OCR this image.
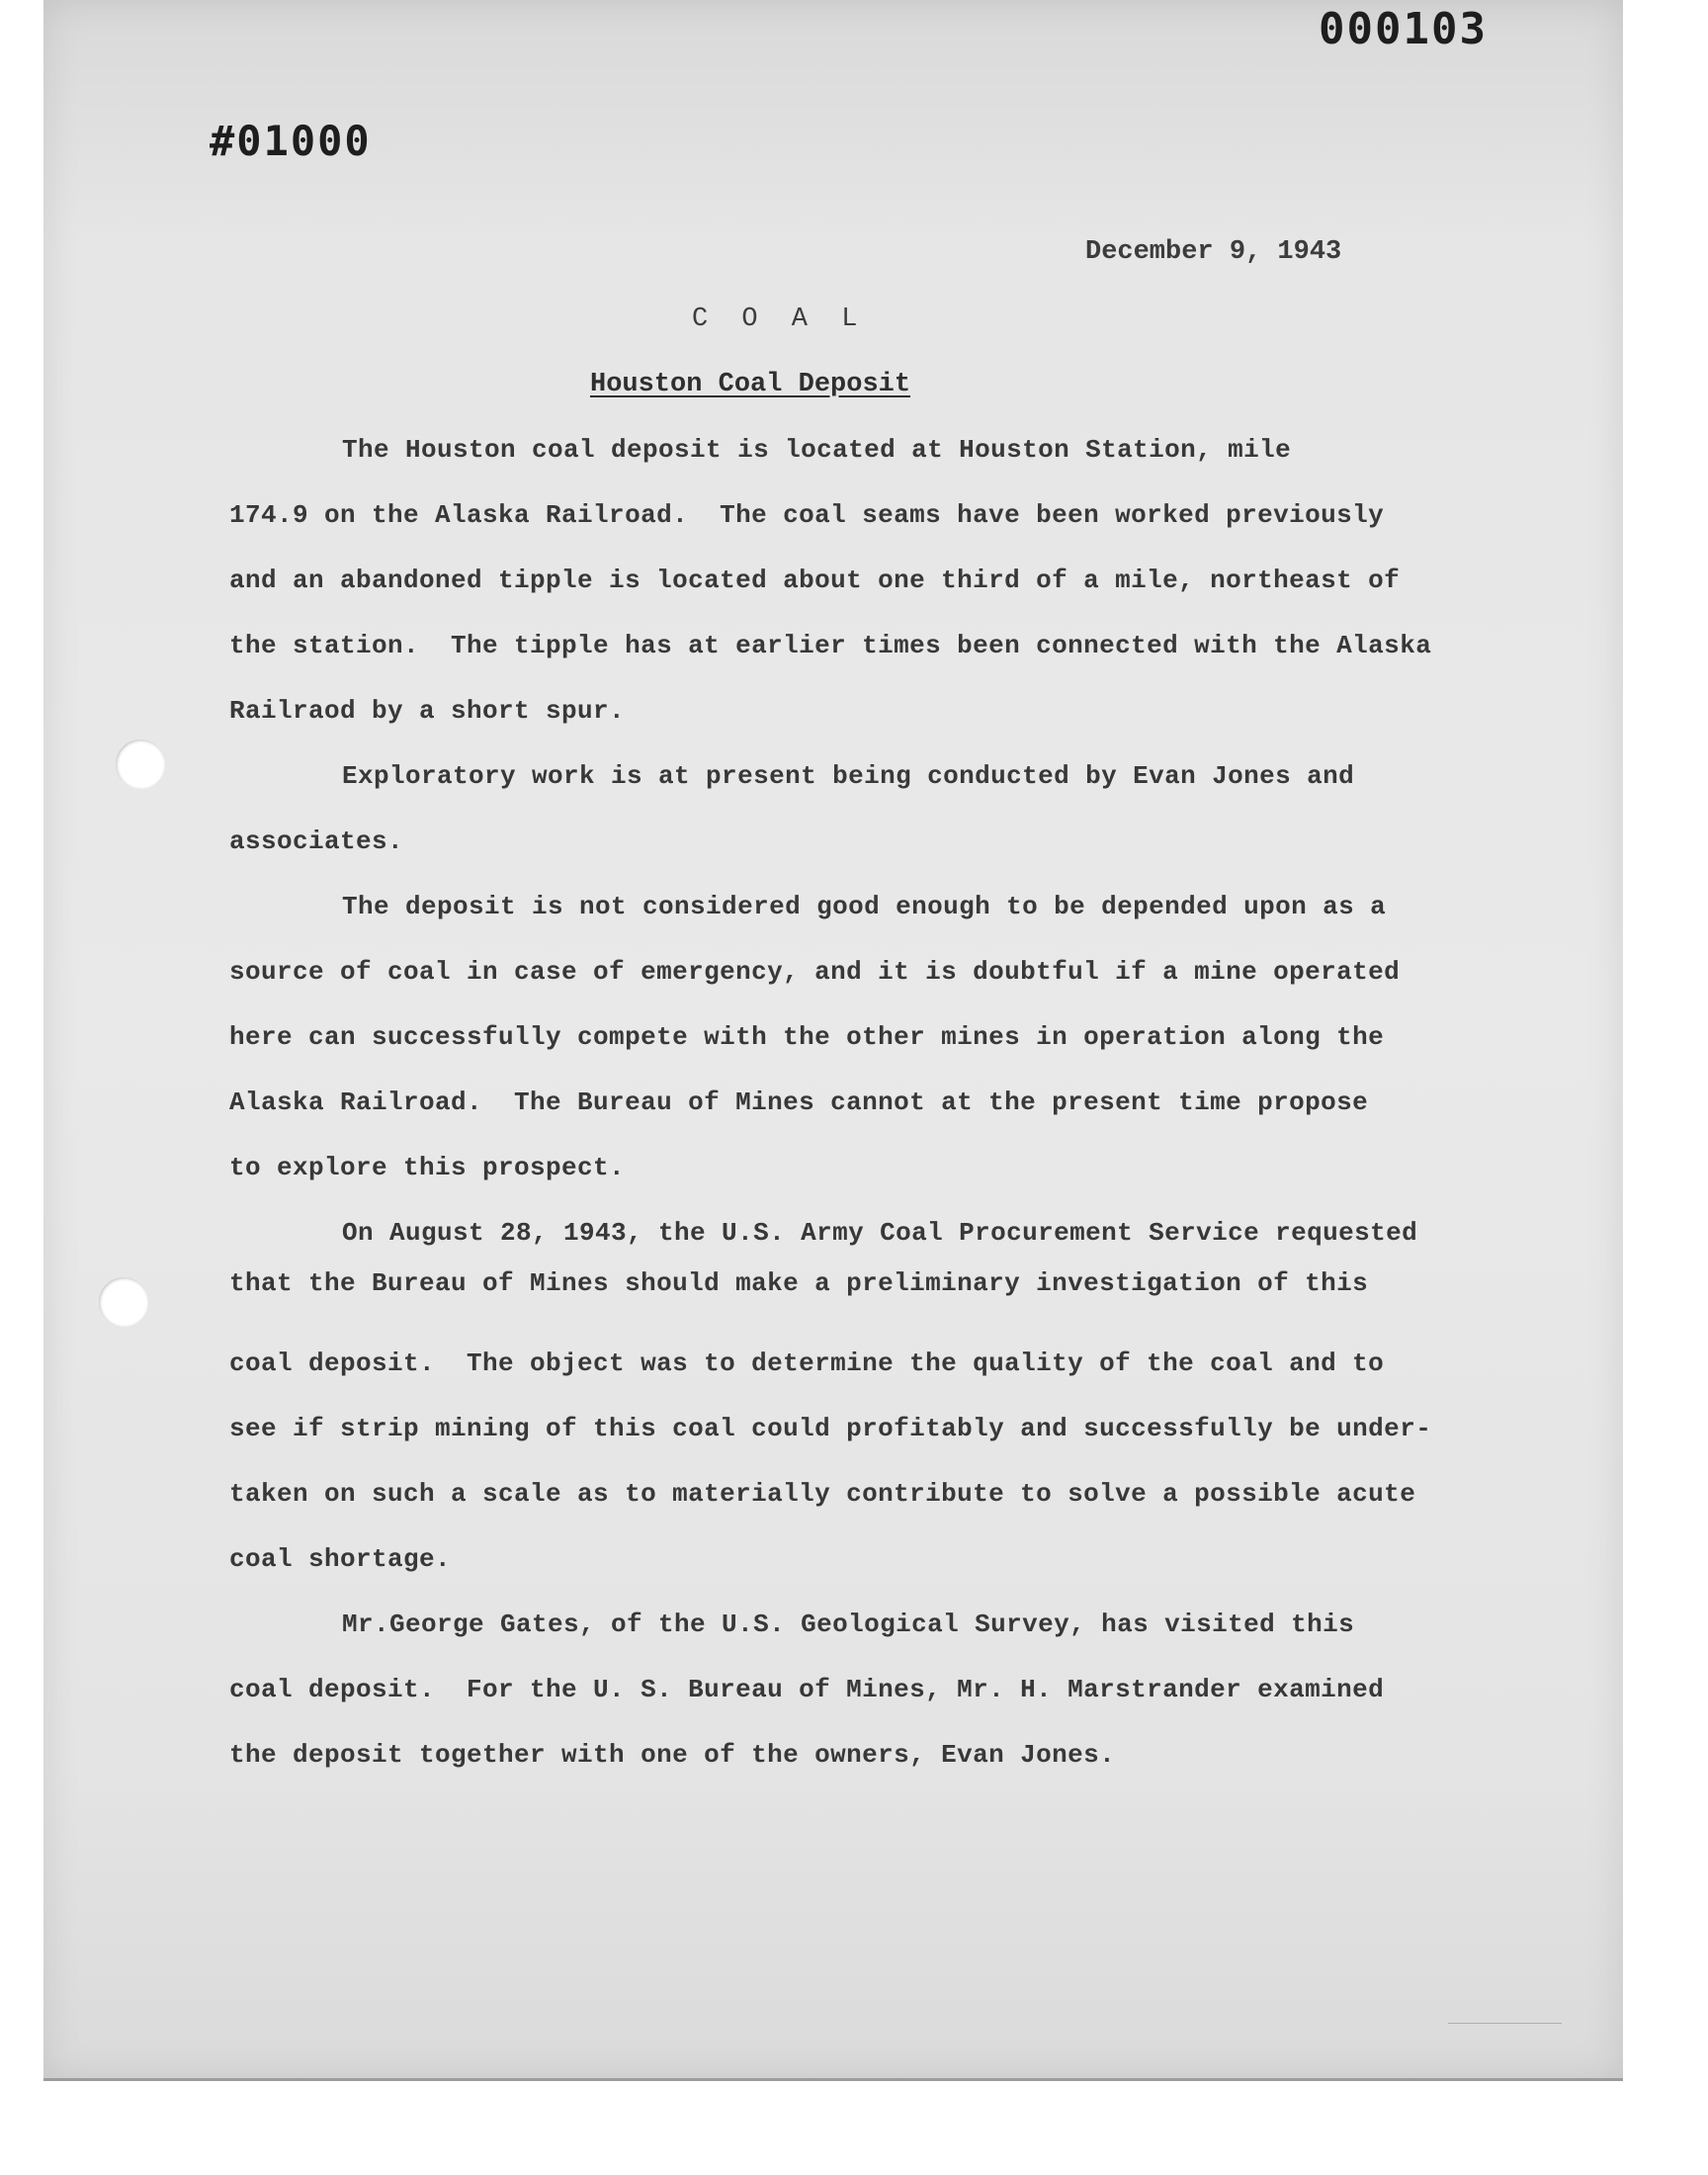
000103
#01000
December 9, 1943
C O A L
Houston Coal Deposit
The Houston coal deposit is located at Houston Station, mile
174.9 on the Alaska Railroad.  The coal seams have been worked previously
and an abandoned tipple is located about one third of a mile, northeast of
the station.  The tipple has at earlier times been connected with the Alaska
Railraod by a short spur.
Exploratory work is at present being conducted by Evan Jones and
associates.
The deposit is not considered good enough to be depended upon as a
source of coal in case of emergency, and it is doubtful if a mine operated
here can successfully compete with the other mines in operation along the
Alaska Railroad.  The Bureau of Mines cannot at the present time propose
to explore this prospect.
On August 28, 1943, the U.S. Army Coal Procurement Service requested
that the Bureau of Mines should make a preliminary investigation of this
coal deposit.  The object was to determine the quality of the coal and to
see if strip mining of this coal could profitably and successfully be under-
taken on such a scale as to materially contribute to solve a possible acute
coal shortage.
Mr.George Gates, of the U.S. Geological Survey, has visited this
coal deposit.  For the U. S. Bureau of Mines, Mr. H. Marstrander examined
the deposit together with one of the owners, Evan Jones.
